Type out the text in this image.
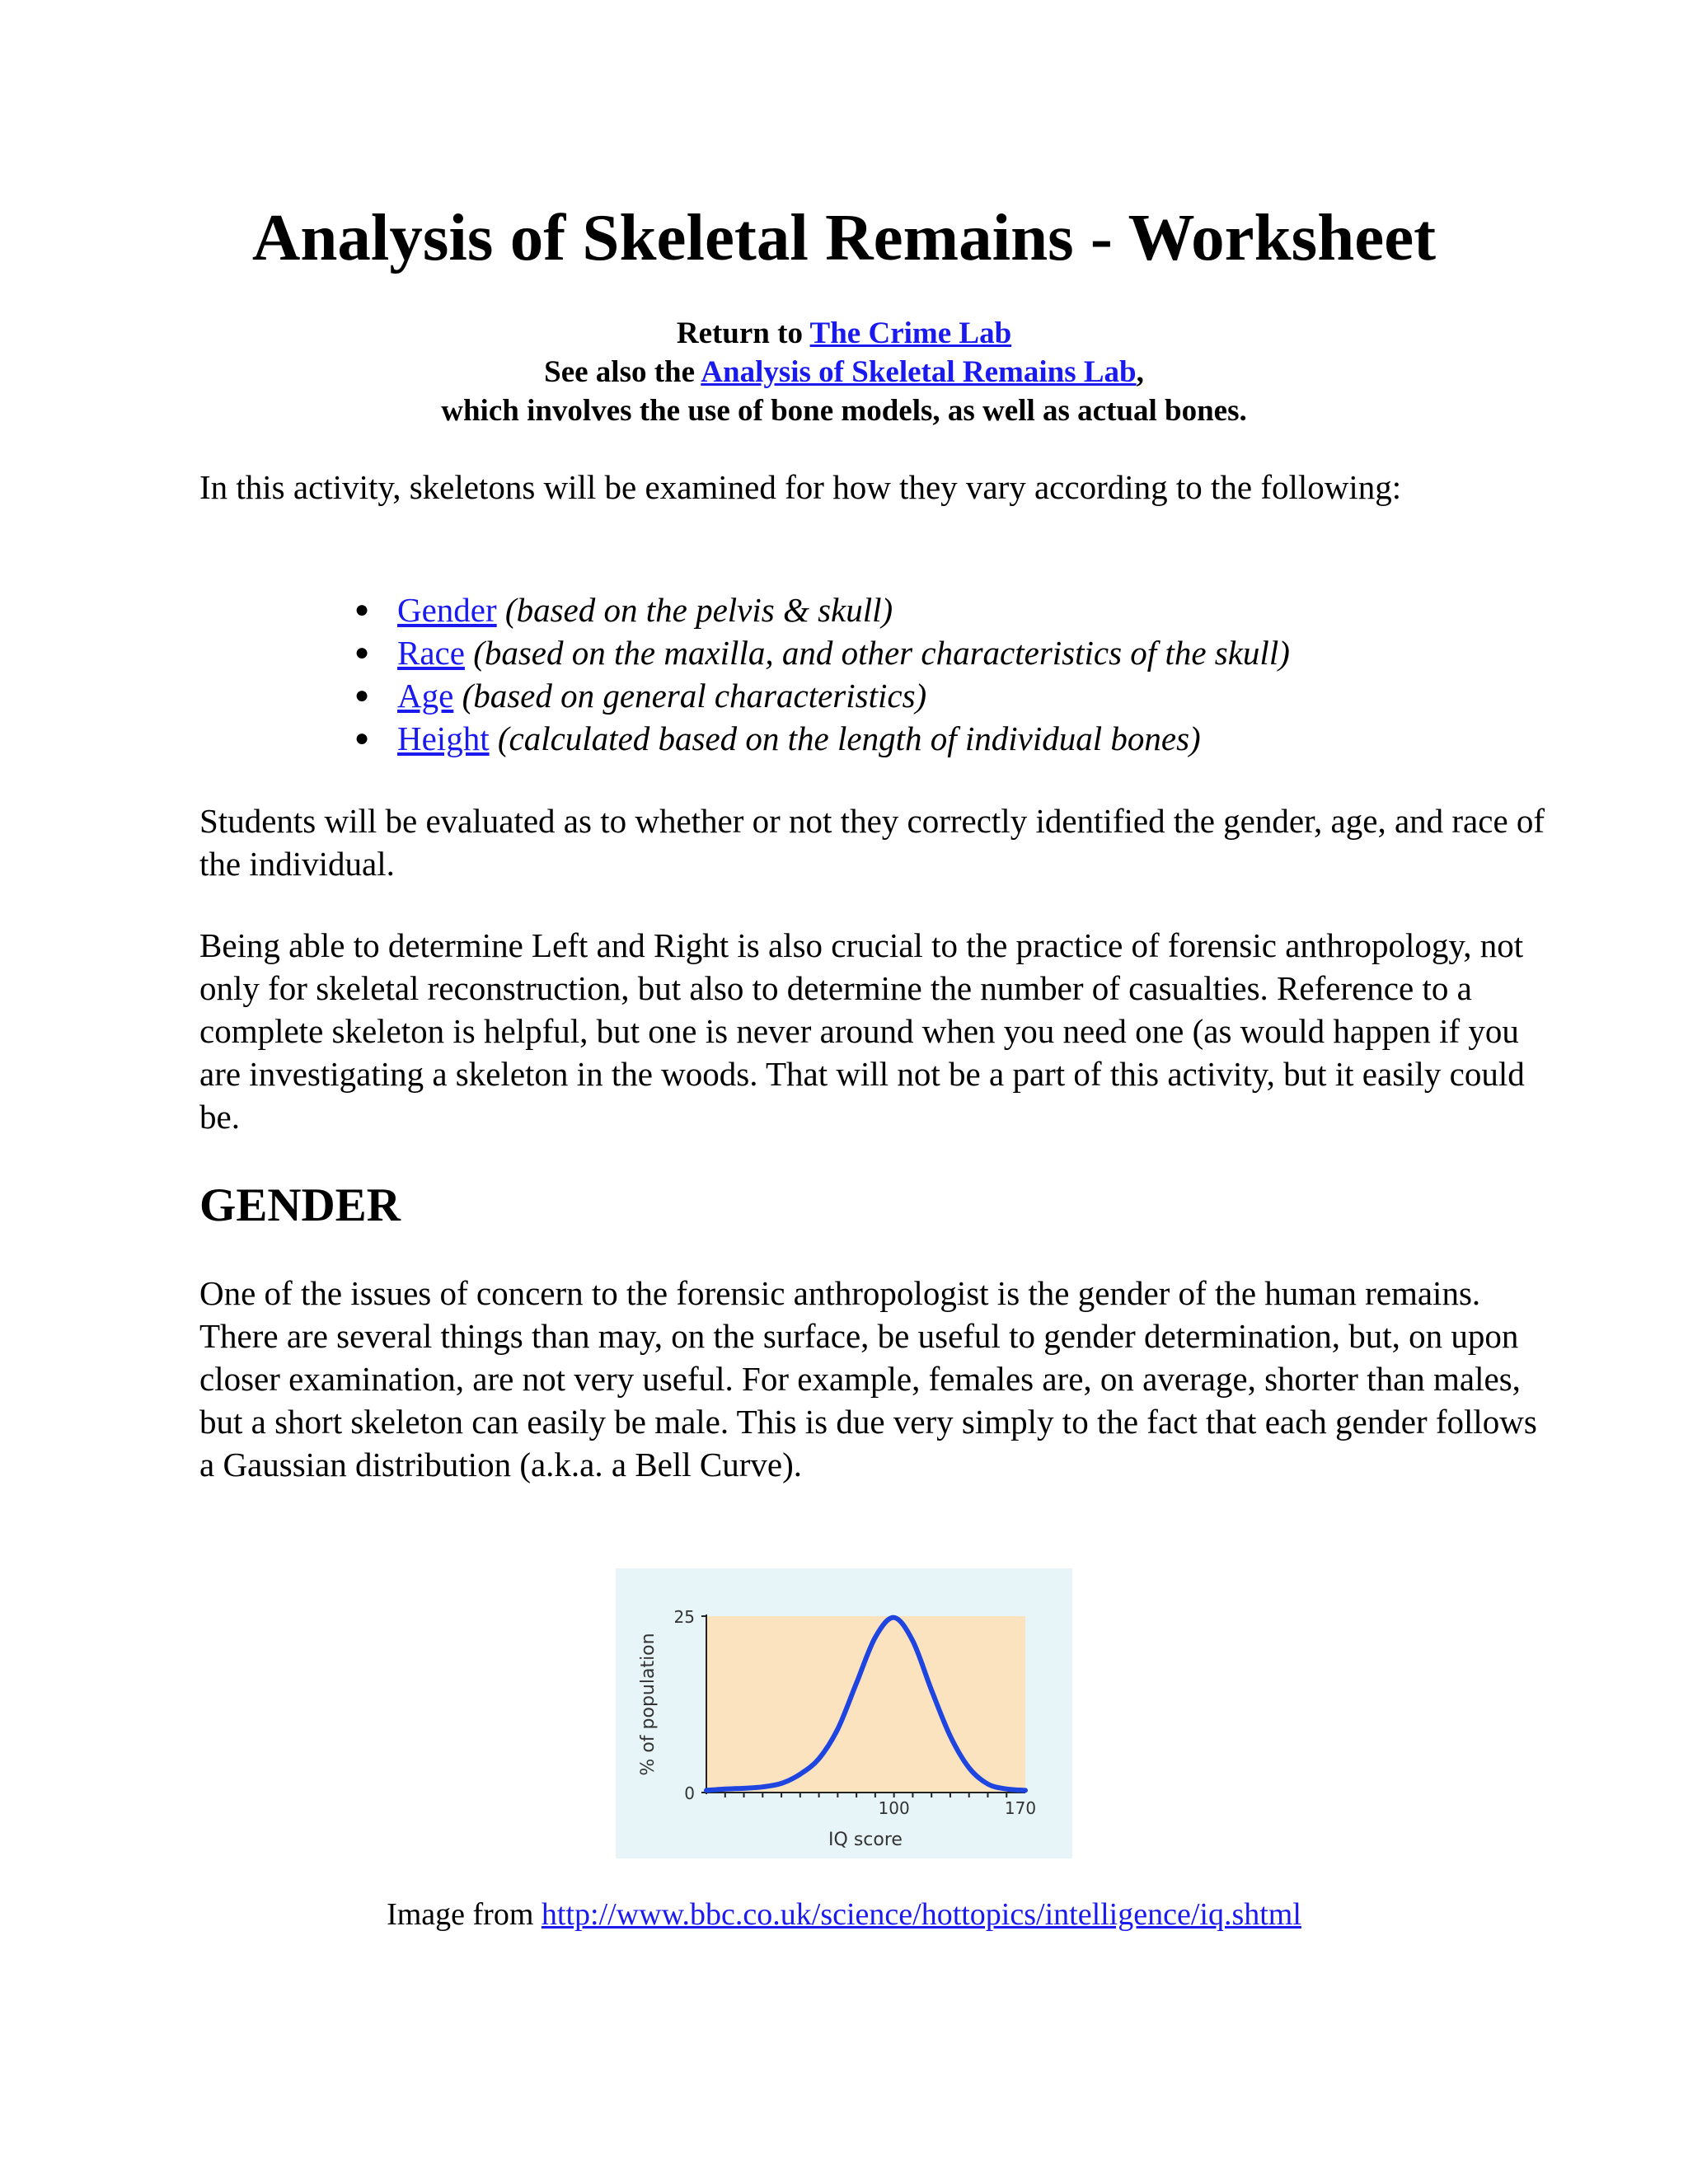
Analysis of Skeletal Remains - Worksheet
Return to The Crime Lab
See also the Analysis of Skeletal Remains Lab,
which involves the use of bone models, as well as actual bones.

In this activity, skeletons will be examined for how they vary according to the following:

● Gender (based on the pelvis & skull)
● Race (based on the maxilla, and other characteristics of the skull)
● Age (based on general characteristics)
● Height (calculated based on the length of individual bones)

Students will be evaluated as to whether or not they correctly identified the gender, age, and race of the individual.

Being able to determine Left and Right is also crucial to the practice of forensic anthropology, not only for skeletal reconstruction, but also to determine the number of casualties. Reference to a complete skeleton is helpful, but one is never around when you need one (as would happen if you are investigating a skeleton in the woods. That will not be a part of this activity, but it easily could be.

GENDER

One of the issues of concern to the forensic anthropologist is the gender of the human remains. There are several things than may, on the surface, be useful to gender determination, but, on upon closer examination, are not very useful. For example, females are, on average, shorter than males, but a short skeleton can easily be male. This is due very simply to the fact that each gender follows a Gaussian distribution (a.k.a. a Bell Curve).

25
0
100	170
IQ score
% of population
Image from http://www.bbc.co.uk/science/hottopics/intelligence/iq.shtml
